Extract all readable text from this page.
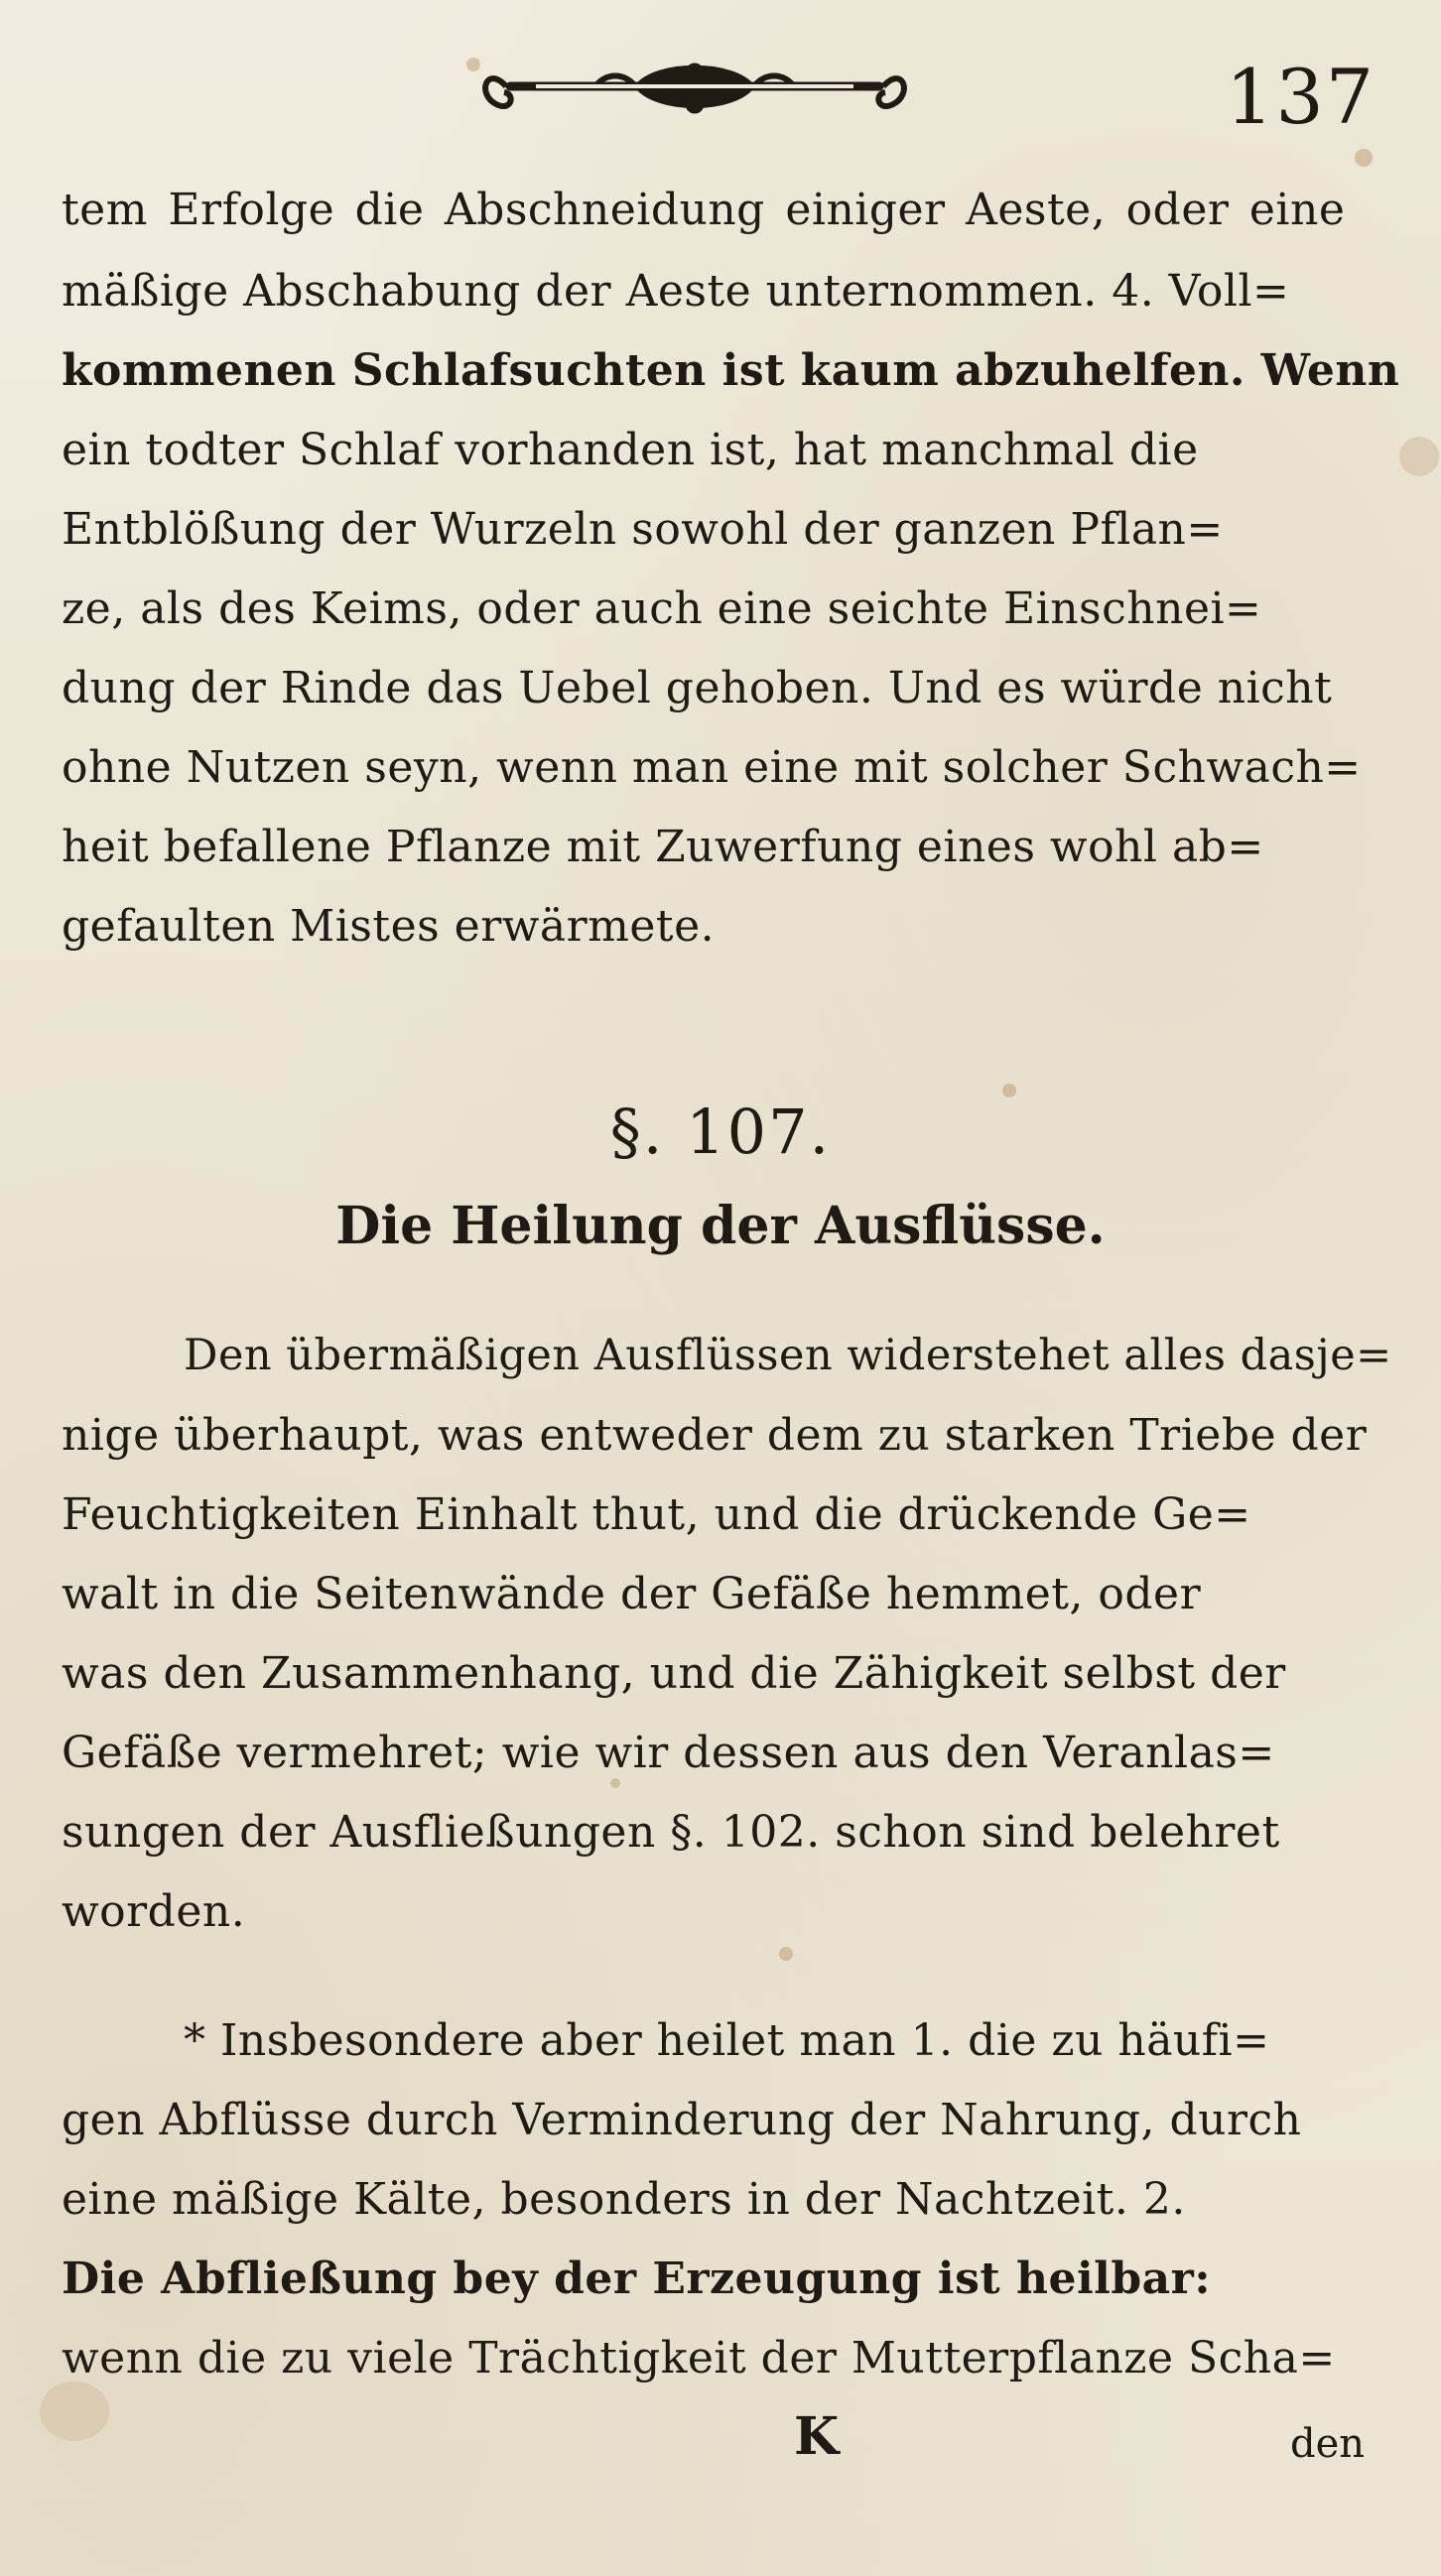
137
tem Erfolge die Abschneidung einiger Aeste, oder eine
mäßige Abschabung der Aeste unternommen. 4. Voll=
kommenen Schlafsuchten ist kaum abzuhelfen. Wenn
ein todter Schlaf vorhanden ist, hat manchmal die
Entblößung der Wurzeln sowohl der ganzen Pflan=
ze, als des Keims, oder auch eine seichte Einschnei=
dung der Rinde das Uebel gehoben. Und es würde nicht
ohne Nutzen seyn, wenn man eine mit solcher Schwach=
heit befallene Pflanze mit Zuwerfung eines wohl ab=
gefaulten Mistes erwärmete.
§. 107.
Die Heilung der Ausflüsse.
Den übermäßigen Ausflüssen widerstehet alles dasje=
nige überhaupt, was entweder dem zu starken Triebe der
Feuchtigkeiten Einhalt thut, und die drückende Ge=
walt in die Seitenwände der Gefäße hemmet, oder
was den Zusammenhang, und die Zähigkeit selbst der
Gefäße vermehret; wie wir dessen aus den Veranlas=
sungen der Ausfließungen §. 102. schon sind belehret
worden.
* Insbesondere aber heilet man 1. die zu häufi=
gen Abflüsse durch Verminderung der Nahrung, durch
eine mäßige Kälte, besonders in der Nachtzeit. 2.
Die Abfließung bey der Erzeugung ist heilbar:
wenn die zu viele Trächtigkeit der Mutterpflanze Scha=
K	den
